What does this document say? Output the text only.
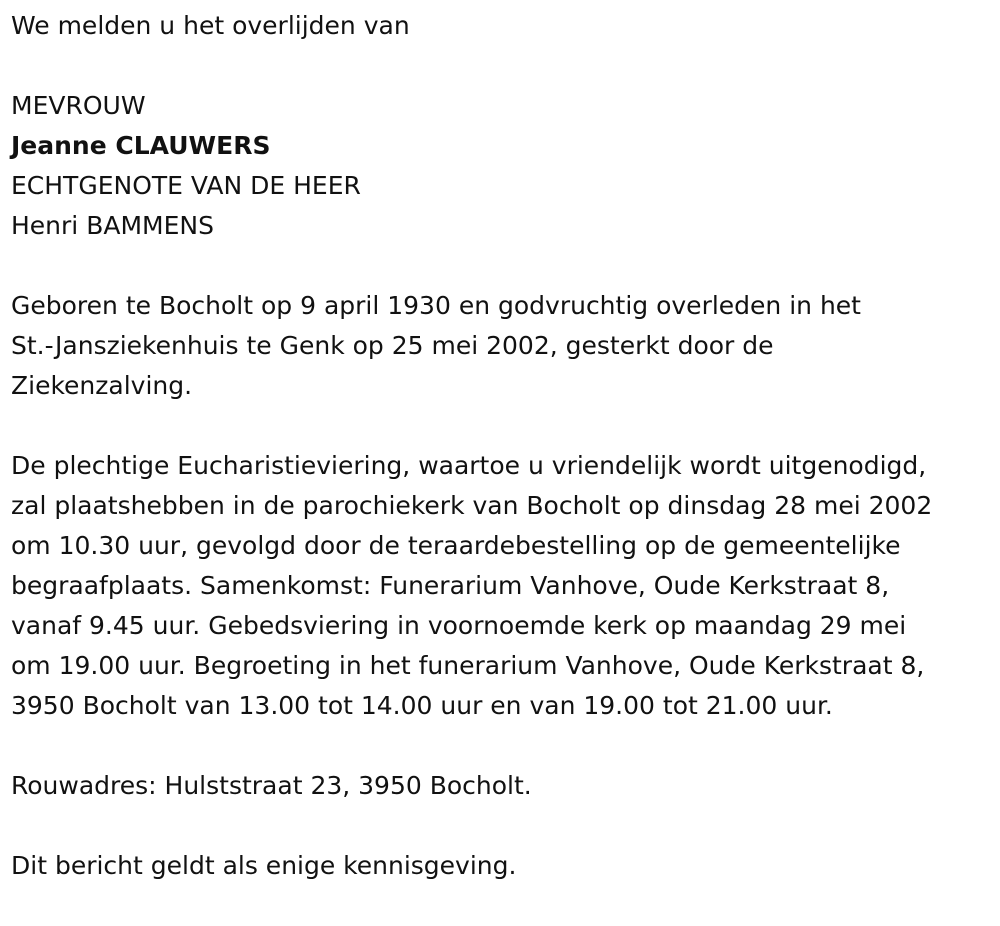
We melden u het overlijden van
MEVROUW
Jeanne CLAUWERS
ECHTGENOTE VAN DE HEER
Henri BAMMENS
Geboren te Bocholt op 9 april 1930 en godvruchtig overleden in het
St.-Jansziekenhuis te Genk op 25 mei 2002, gesterkt door de
Ziekenzalving.
De plechtige Eucharistieviering, waartoe u vriendelijk wordt uitgenodigd,
zal plaatshebben in de parochiekerk van Bocholt op dinsdag 28 mei 2002
om 10.30 uur, gevolgd door de teraardebestelling op de gemeentelijke
begraafplaats. Samenkomst: Funerarium Vanhove, Oude Kerkstraat 8,
vanaf 9.45 uur. Gebedsviering in voornoemde kerk op maandag 29 mei
om 19.00 uur. Begroeting in het funerarium Vanhove, Oude Kerkstraat 8,
3950 Bocholt van 13.00 tot 14.00 uur en van 19.00 tot 21.00 uur.
Rouwadres: Hulststraat 23, 3950 Bocholt.
Dit bericht geldt als enige kennisgeving.
